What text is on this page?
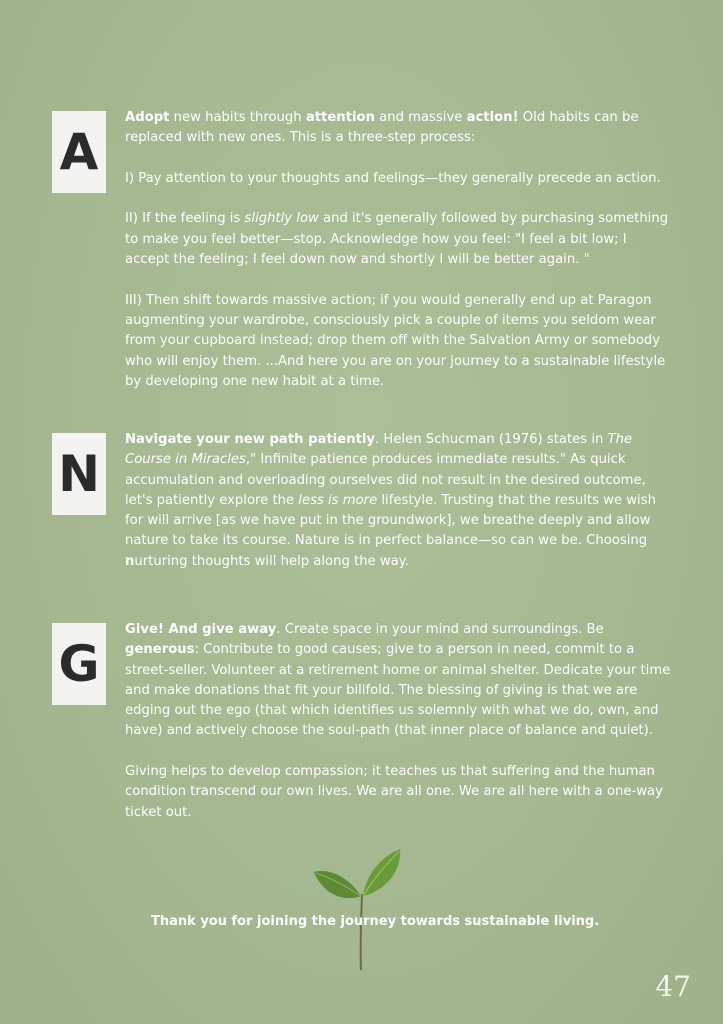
A

Adopt new habits through attention and massive action! Old habits can be replaced with new ones. This is a three-step process:

I) Pay attention to your thoughts and feelings—they generally precede an action.

II) If the feeling is slightly low and it's generally followed by purchasing something to make you feel better—stop. Acknowledge how you feel: "I feel a bit low; I accept the feeling; I feel down now and shortly I will be better again. "

III) Then shift towards massive action; if you would generally end up at Paragon augmenting your wardrobe, consciously pick a couple of items you seldom wear from your cupboard instead; drop them off with the Salvation Army or somebody who will enjoy them. ...And here you are on your journey to a sustainable lifestyle by developing one new habit at a time.

N

Navigate your new path patiently. Helen Schucman (1976) states in The Course in Miracles," Infinite patience produces immediate results." As quick accumulation and overloading ourselves did not result in the desired outcome, let's patiently explore the less is more lifestyle. Trusting that the results we wish for will arrive [as we have put in the groundwork], we breathe deeply and allow nature to take its course. Nature is in perfect balance—so can we be. Choosing nurturing thoughts will help along the way.

G

Give! And give away. Create space in your mind and surroundings. Be generous: Contribute to good causes; give to a person in need, commit to a street-seller. Volunteer at a retirement home or animal shelter. Dedicate your time and make donations that fit your billfold. The blessing of giving is that we are edging out the ego (that which identifies us solemnly with what we do, own, and have) and actively choose the soul-path (that inner place of balance and quiet).

Giving helps to develop compassion; it teaches us that suffering and the human condition transcend our own lives. We are all one. We are all here with a one-way ticket out.

Thank you for joining the journey towards sustainable living.
47
